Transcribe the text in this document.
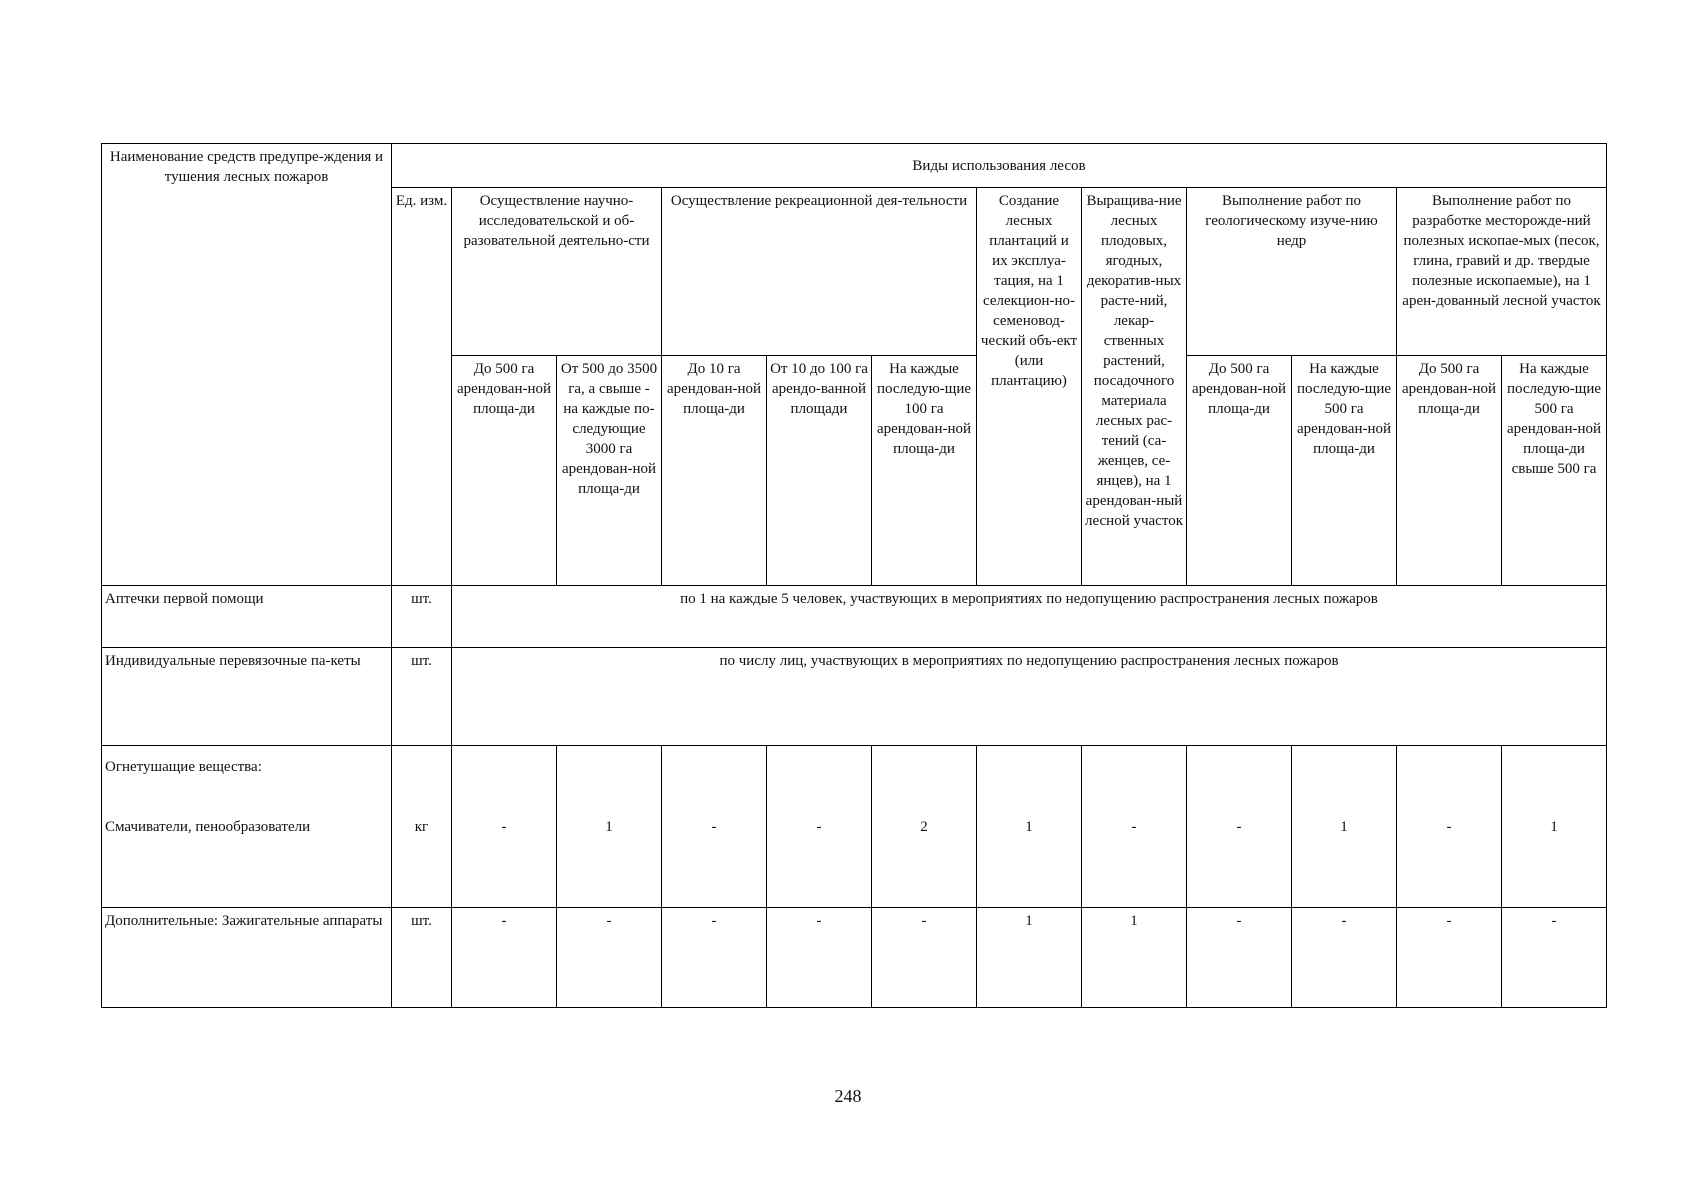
Наименование средств предупре-ждения и тушения лесных пожаров	Виды использования лесов											
	Ед. изм.	Осуществление научно-исследовательской и об-разовательной деятельно-сти		Осуществление рекреационной дея-тельности			Создание лесных плантаций и их эксплуа-тация, на 1 селекцион-но-семеновод-ческий объ-ект (или плантацию)	Выращива-ние лесных плодовых, ягодных, декоратив-ных расте-ний, лекар-ственных растений, посадочного материала лесных рас-тений (са-женцев, се-янцев), на 1 арендован-ный лесной участок	Выполнение работ по геологическому изуче-нию недр		Выполнение работ по разработке месторожде-ний полезных ископае-мых (песок, глина, гравий и др. твердые полезные ископаемые), на 1 арен-дованный лесной участок	
		До 500 га арендован-ной площа-ди	От 500 до 3500 га, а свыше - на каждые по-следующие 3000 га арендован-ной площа-ди	До 10 га арендован-ной площа-ди	От 10 до 100 га арендо-ванной площади	На каждые последую-щие 100 га арендован-ной площа-ди			До 500 га арендован-ной площа-ди	На каждые последую-щие 500 га арендован-ной площа-ди	До 500 га арендован-ной площа-ди	На каждые последую-щие 500 га арендован-ной площа-ди свыше 500 га
Аптечки первой помощи	шт.	по 1 на каждые 5 человек, участвующих в мероприятиях по недопущению распространения лесных пожаров										
Индивидуальные перевязочные па-кеты	шт.	по числу лиц, участвующих в мероприятиях по недопущению распространения лесных пожаров										

Огнетушащие вещества:
Смачиватели, пенообразователи	кг	-	1	-	-	2	1	-	-	1	-	1
Дополнительные: Зажигательные аппараты	шт.	-	-	-	-	-	1	1	-	-	-	-
248
